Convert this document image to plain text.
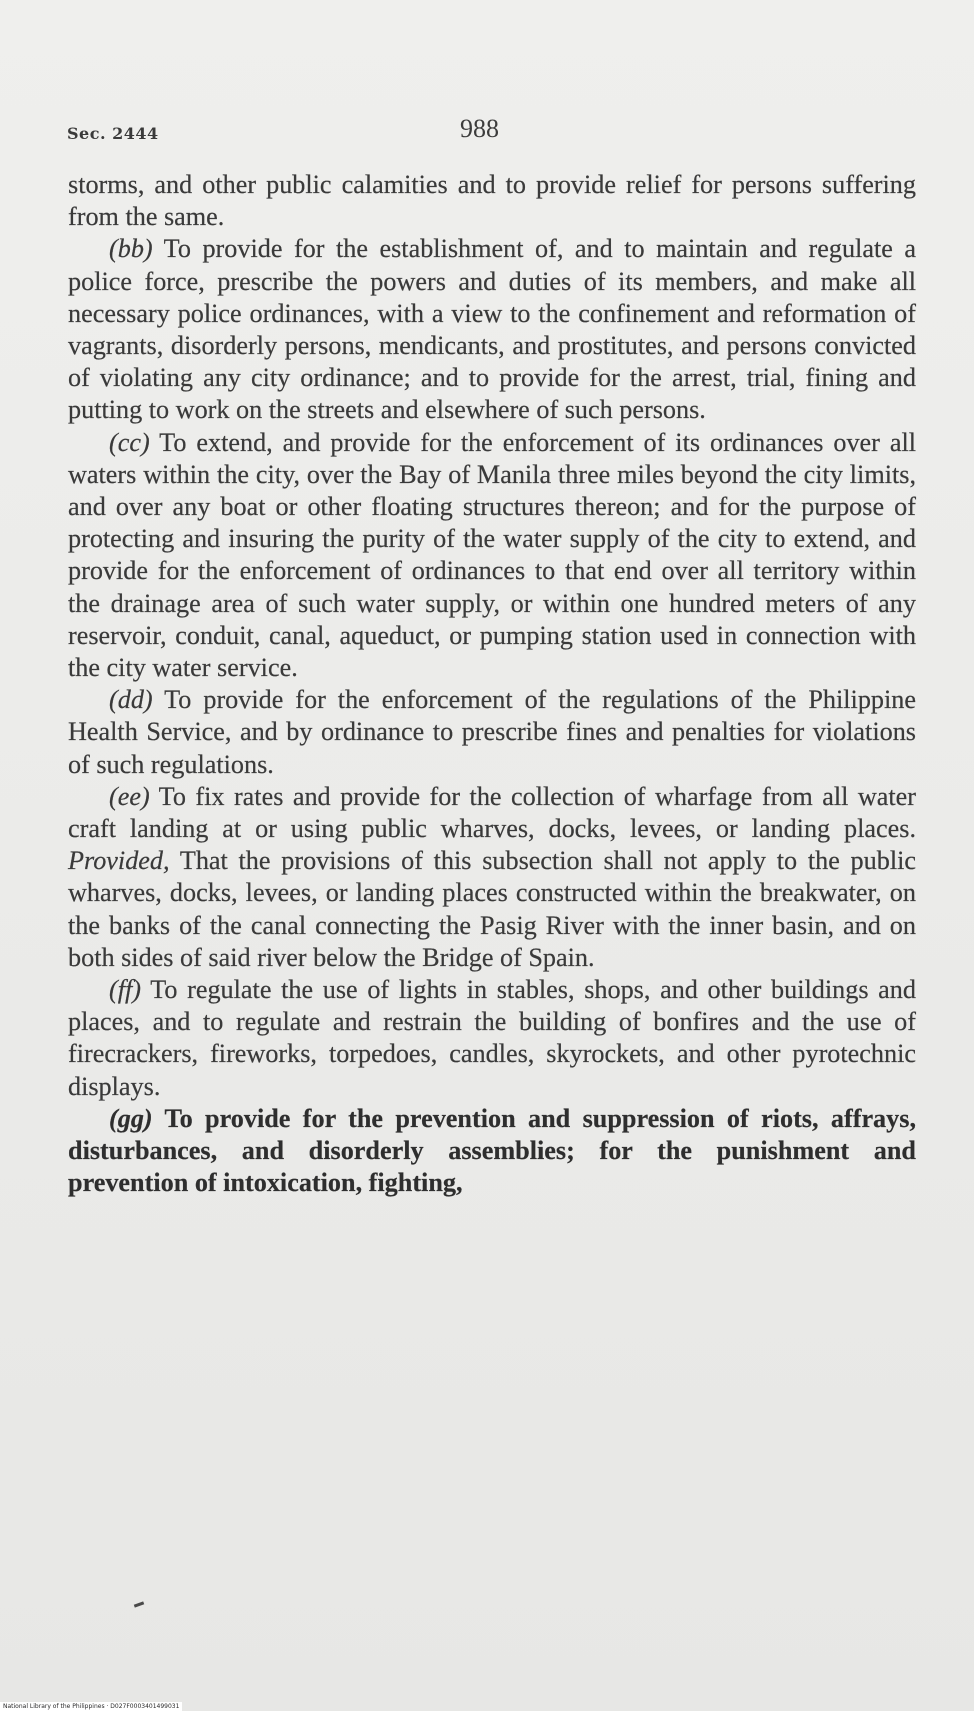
Sec. 2444	988

storms, and other public calamities and to provide relief for persons suffering from the same.

(bb) To provide for the establishment of, and to maintain and regulate a police force, prescribe the powers and duties of its members, and make all necessary police ordinances, with a view to the confinement and reformation of vagrants, disorderly persons, mendicants, and prostitutes, and persons convicted of violating any city ordinance; and to provide for the arrest, trial, fining and putting to work on the streets and elsewhere of such persons.

(cc) To extend, and provide for the enforcement of its ordinances over all waters within the city, over the Bay of Manila three miles beyond the city limits, and over any boat or other floating structures thereon; and for the purpose of protecting and insuring the purity of the water supply of the city to extend, and provide for the enforcement of ordinances to that end over all territory within the drainage area of such water supply, or within one hundred meters of any reservoir, conduit, canal, aqueduct, or pumping station used in connection with the city water service.

(dd) To provide for the enforcement of the regulations of the Philippine Health Service, and by ordinance to prescribe fines and penalties for violations of such regulations.

(ee) To fix rates and provide for the collection of wharfage from all water craft landing at or using public wharves, docks, levees, or landing places. Provided, That the provisions of this subsection shall not apply to the public wharves, docks, levees, or landing places constructed within the breakwater, on the banks of the canal connecting the Pasig River with the inner basin, and on both sides of said river below the Bridge of Spain.

(ff) To regulate the use of lights in stables, shops, and other buildings and places, and to regulate and restrain the building of bonfires and the use of firecrackers, fireworks, torpedoes, candles, skyrockets, and other pyrotechnic displays.

(gg) To provide for the prevention and suppression of riots, affrays, disturbances, and disorderly assemblies; for the punishment and prevention of intoxication, fighting,

National Library of the Philippines · D027F0003401499031
